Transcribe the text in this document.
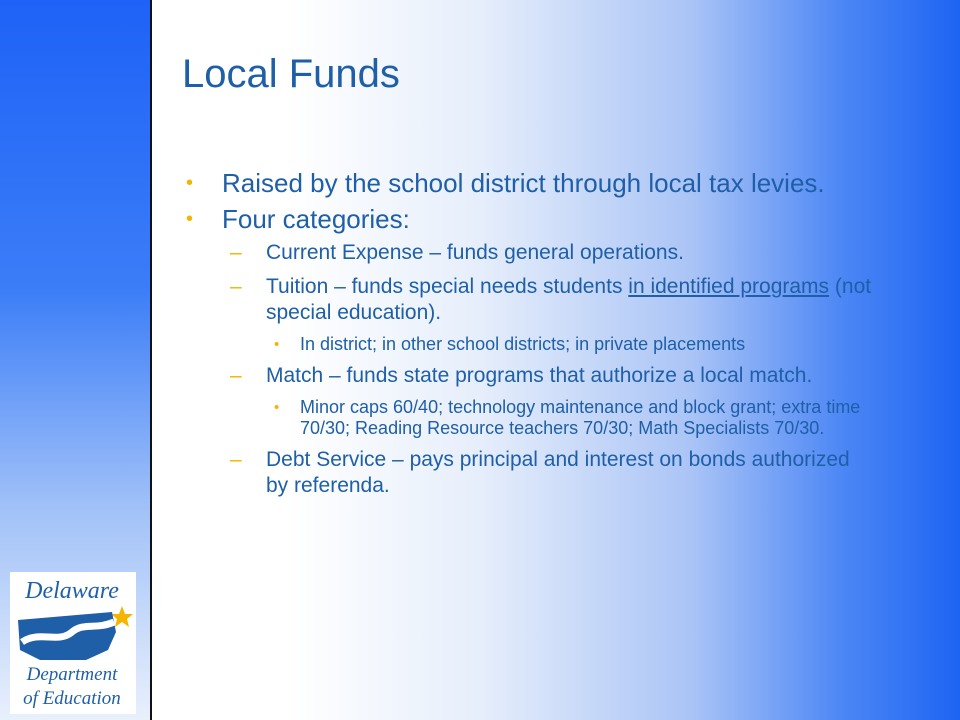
Delaware
Department
of Education
Local Funds
• Raised by the school district through local tax levies.
• Four categories:
– Current Expense – funds general operations.
– Tuition – funds special needs students in identified programs (not special education).
• In district; in other school districts; in private placements
– Match – funds state programs that authorize a local match.
• Minor caps 60/40; technology maintenance and block grant; extra time 70/30; Reading Resource teachers 70/30; Math Specialists 70/30.
– Debt Service – pays principal and interest on bonds authorized by referenda.
